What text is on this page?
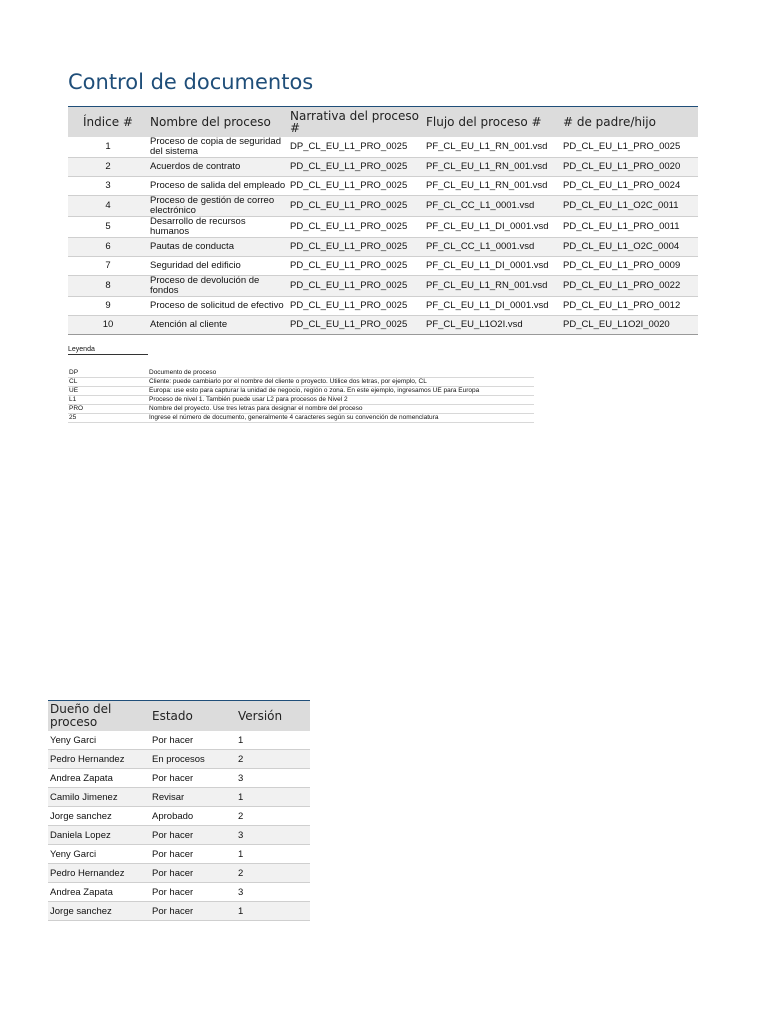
Control de documentos
Índice #	Nombre del proceso	Narrativa del proceso #	Flujo del proceso #	# de padre/hijo
1	Proceso de copia de seguridad del sistema	DP_CL_EU_L1_PRO_0025	PF_CL_EU_L1_RN_001.vsd	PD_CL_EU_L1_PRO_0025
2	Acuerdos de contrato	PD_CL_EU_L1_PRO_0025	PF_CL_EU_L1_RN_001.vsd	PD_CL_EU_L1_PRO_0020
3	Proceso de salida del empleado	PD_CL_EU_L1_PRO_0025	PF_CL_EU_L1_RN_001.vsd	PD_CL_EU_L1_PRO_0024
4	Proceso de gestión de correo electrónico	PD_CL_EU_L1_PRO_0025	PF_CL_CC_L1_0001.vsd	PD_CL_EU_L1_O2C_0011
5	Desarrollo de recursos humanos	PD_CL_EU_L1_PRO_0025	PF_CL_EU_L1_DI_0001.vsd	PD_CL_EU_L1_PRO_0011
6	Pautas de conducta	PD_CL_EU_L1_PRO_0025	PF_CL_CC_L1_0001.vsd	PD_CL_EU_L1_O2C_0004
7	Seguridad del edificio	PD_CL_EU_L1_PRO_0025	PF_CL_EU_L1_DI_0001.vsd	PD_CL_EU_L1_PRO_0009
8	Proceso de devolución de fondos	PD_CL_EU_L1_PRO_0025	PF_CL_EU_L1_RN_001.vsd	PD_CL_EU_L1_PRO_0022
9	Proceso de solicitud de efectivo	PD_CL_EU_L1_PRO_0025	PF_CL_EU_L1_DI_0001.vsd	PD_CL_EU_L1_PRO_0012
10	Atención al cliente	PD_CL_EU_L1_PRO_0025	PF_CL_EU_L1O2I.vsd	PD_CL_EU_L1O2I_0020
Leyenda
DP	Documento de proceso
CL	Cliente: puede cambiarlo por el nombre del cliente o proyecto. Utilice dos letras, por ejemplo, CL
UE	Europa: use esto para capturar la unidad de negocio, región o zona. En este ejemplo, ingresamos UE para Europa
L1	Proceso de nivel 1. También puede usar L2 para procesos de Nivel 2
PRO	Nombre del proyecto. Use tres letras para designar el nombre del proceso
25	Ingrese el número de documento, generalmente 4 caracteres según su convención de nomenclatura
Dueño del proceso	Estado	Versión
Yeny Garci	Por hacer	1
Pedro Hernandez	En procesos	2
Andrea Zapata	Por hacer	3
Camilo Jimenez	Revisar	1
Jorge sanchez	Aprobado	2
Daniela Lopez	Por hacer	3
Yeny Garci	Por hacer	1
Pedro Hernandez	Por hacer	2
Andrea Zapata	Por hacer	3
Jorge sanchez	Por hacer	1
